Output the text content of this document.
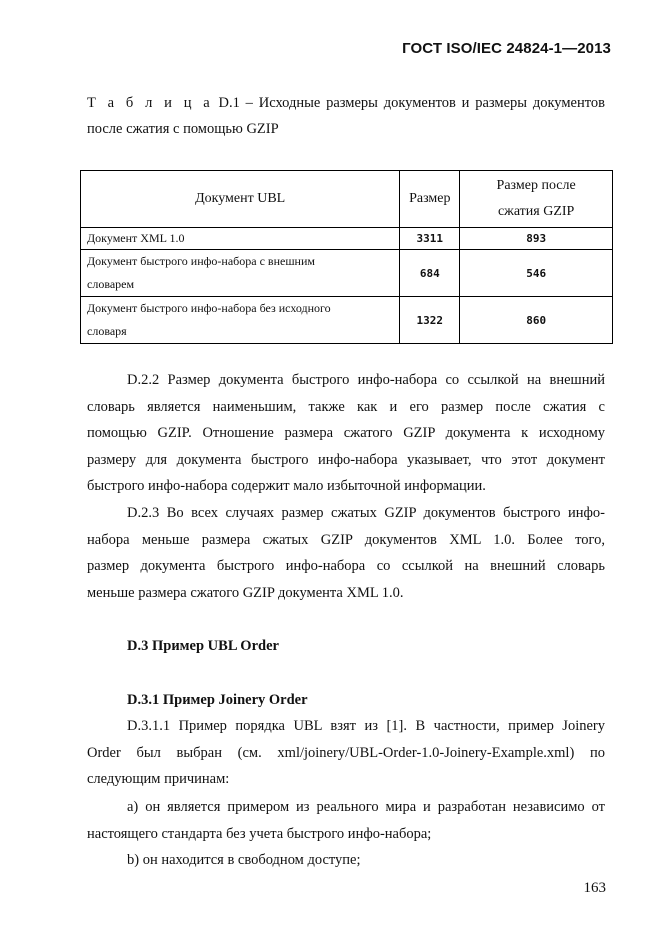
ГОСТ ISO/IEC 24824-1—2013
Т а б л и ц а D.1 – Исходные размеры документов и размеры документов
после сжатия с помощью GZIP
Документ UBL	Размер	Размер после
сжатия GZIP

Документ XML 1.0	3311	893

Документ быстрого инфо-набора с внешним
словарем	684	546

Документ быстрого инфо-набора без исходного
словаря	1322	860
D.2.2 Размер документа быстрого инфо-набора со ссылкой на внешний
словарь является наименьшим, также как и его размер после сжатия с
помощью GZIP. Отношение размера сжатого GZIP документа к исходному
размеру для документа быстрого инфо-набора указывает, что этот документ
быстрого инфо-набора содержит мало избыточной информации.
D.2.3 Во всех случаях размер сжатых GZIP документов быстрого инфо-
набора меньше размера сжатых GZIP документов XML 1.0. Более того,
размер документа быстрого инфо-набора со ссылкой на внешний словарь
меньше размера сжатого GZIP документа XML 1.0.
D.3 Пример UBL Order
D.3.1 Пример Joinery Order
D.3.1.1 Пример порядка UBL взят из [1]. В частности, пример Joinery
Order был выбран (см. xml/joinery/UBL-Order-1.0-Joinery-Example.xml) по
следующим причинам:
а) он является примером из реального мира и разработан независимо от
настоящего стандарта без учета быстрого инфо-набора;
b) он находится в свободном доступе;
163
